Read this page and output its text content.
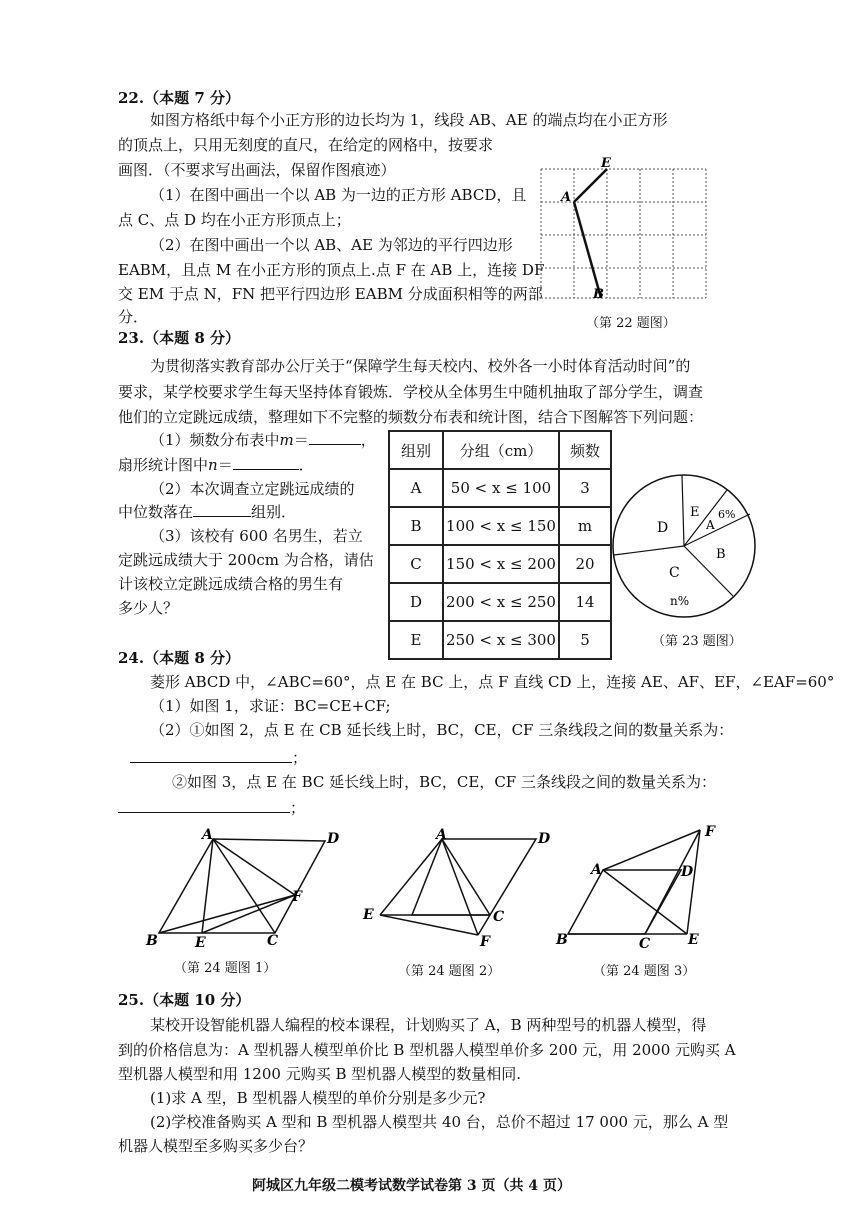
22.（本题 7 分）
如图方格纸中每个小正方形的边长均为 1，线段 AB、AE 的端点均在小正方形
的顶点上，只用无刻度的直尺，在给定的网格中，按要求
画图．（不要求写出画法，保留作图痕迹）
（1）在图中画出一个以 AB 为一边的正方形 ABCD，且
点 C、点 D 均在小正方形顶点上；
（2）在图中画出一个以 AB、AE 为邻边的平行四边形
EABM，且点 M 在小正方形的顶点上.点 F 在 AB 上，连接 DF
交 EM 于点 N，FN 把平行四边形 EABM 分成面积相等的两部
分．
E
A
B
（第 22 题图）
23.（本题 8 分）
为贯彻落实教育部办公厅关于“保障学生每天校内、校外各一小时体育活动时间”的
要求，某学校要求学生每天坚持体育锻炼．学校从全体男生中随机抽取了部分学生，调查
他们的立定跳远成绩，整理如下不完整的频数分布表和统计图，结合下图解答下列问题：
（1）频数分布表中m＝	，
扇形统计图中n＝	．
（2）本次调查立定跳远成绩的
中位数落在	组别．
（3）该校有 600 名男生，若立
定跳远成绩大于 200cm 为合格，请估
计该校立定跳远成绩合格的男生有
多少人？
组别	分组（cm）	频数
A	50 < x ≤ 100	3
B	100 < x ≤ 150	m
C	150 < x ≤ 200	20
D	200 < x ≤ 250	14
E	250 < x ≤ 300	5
D
E
A
6%
B
C
n%
（第 23 题图）
24.（本题 8 分）
菱形 ABCD 中，∠ABC=60°，点 E 在 BC 上，点 F 直线 CD 上，连接 AE、AF、EF，∠EAF=60°
（1）如图 1，求证：BC=CE+CF;
（2）①如图 2，点 E 在 CB 延长线上时，BC，CE，CF 三条线段之间的数量关系为：
；
②如图 3，点 E 在 BC 延长线上时，BC，CE，CF 三条线段之间的数量关系为：
；
A	D
F
B	E	C
（第 24 题图 1）
A	D
E	C
F
（第 24 题图 2）
F
A	D
B	C	E
（第 24 题图 3）
25.（本题 10 分）
某校开设智能机器人编程的校本课程，计划购买了 A，B 两种型号的机器人模型，得
到的价格信息为：A 型机器人模型单价比 B 型机器人模型单价多 200 元，用 2000 元购买 A
型机器人模型和用 1200 元购买 B 型机器人模型的数量相同.
(1)求 A 型，B 型机器人模型的单价分别是多少元?
(2)学校准备购买 A 型和 B 型机器人模型共 40 台，总价不超过 17 000 元，那么 A 型
机器人模型至多购买多少台？
阿城区九年级二模考试数学试卷第 3 页（共 4 页）
